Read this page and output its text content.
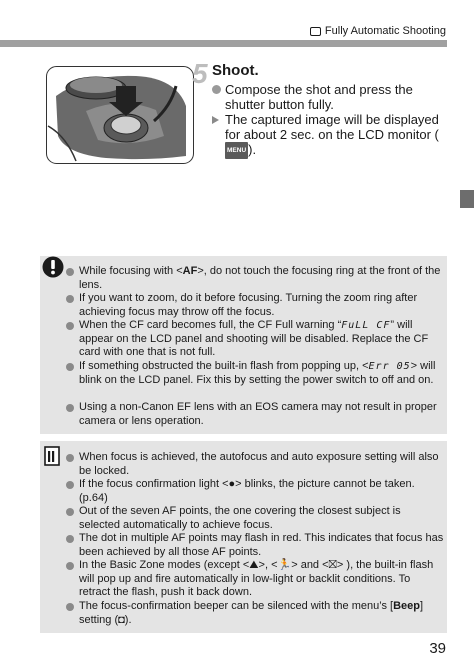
Fully Automatic Shooting
5 Shoot.
Compose the shot and press the shutter button fully.
The captured image will be displayed for about 2 sec. on the LCD monitor (MENU ).
While focusing with <AF>, do not touch the focusing ring at the front of the lens.
If you want to zoom, do it before focusing. Turning the zoom ring after achieving focus may throw off the focus.
When the CF card becomes full, the CF Full warning “FuLL CF” will appear on the LCD panel and shooting will be disabled. Replace the CF card with one that is not full.
If something obstructed the built-in flash from popping up, <Err 05> will blink on the LCD panel. Fix this by setting the power switch to off and on.
Using a non-Canon EF lens with an EOS camera may not result in proper camera or lens operation.
When focus is achieved, the autofocus and auto exposure setting will also be locked.
If the focus confirmation light <●> blinks, the picture cannot be taken. (p.64)
Out of the seven AF points, the one covering the closest subject is selected automatically to achieve focus.
The dot in multiple AF points may flash in red. This indicates that focus has been achieved by all those AF points.
In the Basic Zone modes (except <⛰>, <🏃> and <⛝> ), the built-in flash will pop up and fire automatically in low-light or backlit conditions. To retract the flash, push it back down.
The focus-confirmation beeper can be silenced with the menu’s [Beep] setting (◘).
39
